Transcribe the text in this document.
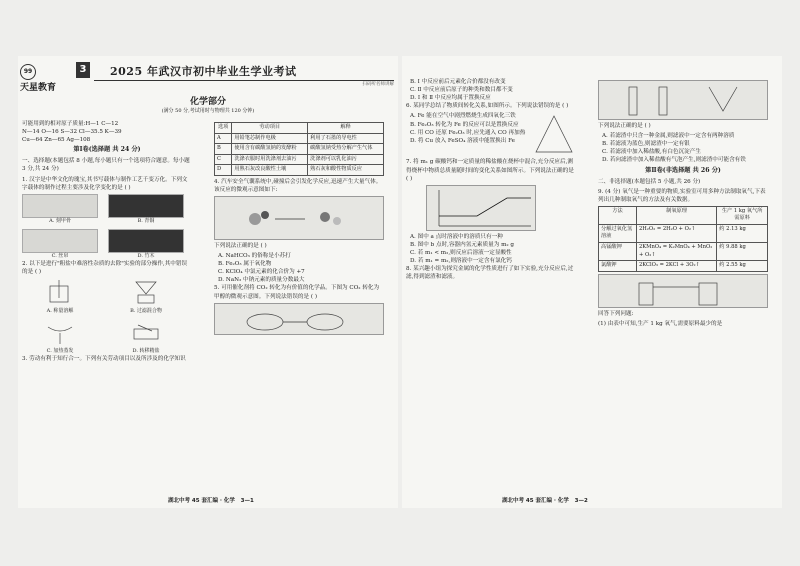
99
天星教育
3	2025 年武汉市初中毕业生学业考试
扫码听名师讲解
化学部分
(满分 50 分,考试用时与物理共 120 分钟)
可能用到的相对原子质量:H—1 C—12
N—14 O—16 S—32 Cl—35.5 K—39
Cu—64 Zn—65 Ag—108
第Ⅰ卷(选择题 共 24 分)
一、选择题(本题包括 8 小题,每小题只有一个选项符合题意。每小题 3 分,共 24 分)
1. 汉字是中华文化的瑰宝,其书写载体与制作工艺千变万化。下列文字载体的制作过程主要涉及化学变化的是 ( )
A. 刻甲骨	B. 青铜
C. 丝帛	D. 竹木
2. 以下是进行"粗盐中难溶性杂质的去除"实验的部分操作,其中错误的是 ( )
A. 称量溶解	B. 过滤混合物
C. 加热蒸发	D. 转移精盐
3. 劳动有利于知行合一。下列有关劳动项目以及所涉及的化学知识
选项	劳动项目	解释
A	用铅笔芯制作电极	利用了石墨的导电性
B	使用含有碳酸氢钠的发酵粉	碳酸氢钠受热分解产生气体
C	洗涤衣服时用洗涤剂去油污	洗涤剂可以乳化油污
D	用熟石灰改良酸性土壤	熟石灰和酸性物质反应
4. 汽车安全气囊系统中,碰撞后会引发化学反应,迅速产生大量气体。该反应的微观示意图如下:
下列说法正确的是 ( )
A. NaHCO₃ 的俗称是小苏打
B. Fe₂O₃ 属于氧化物
C. KClO₄ 中氯元素的化合价为 +7
D. NaN₃ 中钠元素的质量分数最大
5. 可用催化剂将 CO₂ 转化为有价值的化学品。下图为 CO₂ 转化为甲醇的微观示意图。下列说法错误的是 ( )
湖北中考 45 套汇编 · 化学 3—1
B. Ⅰ 中反应前后元素化合价都没有改变
C. Ⅱ 中反应前后原子的种类和数目都不变
D. Ⅰ 和 Ⅱ 中反应均属于置换反应
6. 某同学总结了物质间转化关系,如图所示。下列说法错误的是 ( )
A. Fe 能在空气中剧烈燃烧生成四氧化三铁
B. Fe₂O₃ 转化为 Fe 的反应可以是置换反应
C. 用 CO 还原 Fe₂O₃ 时,应先通入 CO 再加热
D. 将 Cu 放入 FeSO₄ 溶液中能置换出 Fe
7. 将 m₁ g 碳酸钙和一定质量的稀盐酸在烧杯中混合,充分反应后,测得烧杯中物质总质量随时间的变化关系如图所示。下列说法正确的是 ( )
A. 图中 a 点时溶液中的溶质只有一种
B. 图中 b 点时,容器内氢元素质量为 m₂ g
C. 若 m₁ < m₂,则反应后溶液一定显酸性
D. 若 m₁ = m₂,则溶液中一定含有氯化钙
8. 某兴趣小组为探究金属的化学性质进行了如下实验,充分反应后,过滤,得到滤渣和滤液。
下列说法正确的是 ( )
A. 若滤渣中只含一种金属,则滤液中一定含有两种溶质
B. 若滤液为蓝色,则滤渣中一定有银
C. 若滤液中加入稀盐酸,有白色沉淀产生
D. 若向滤渣中加入稀盐酸有气泡产生,则滤渣中可能含有铁
第Ⅱ卷(非选择题 共 26 分)
二、非选择题(本题包括 5 小题,共 26 分)
9. (4 分) 氧气是一种重要的物质,实验室可用多种方法制取氧气,下表列出几种制取氧气的方法及有关数据。
方法	制氧原理	生产 1 kg 氧气所需原料
分解过氧化氢溶液	2H₂O₂ = 2H₂O + O₂↑	约 2.13 kg
高锰酸钾	2KMnO₄ = K₂MnO₄ + MnO₂ + O₂↑	约 9.88 kg
氯酸钾	2KClO₃ = 2KCl + 3O₂↑	约 2.55 kg
回答下列问题:
(1) 由表中可知,生产 1 kg 氧气,需要原料最少的是
湖北中考 45 套汇编 · 化学 3—2
